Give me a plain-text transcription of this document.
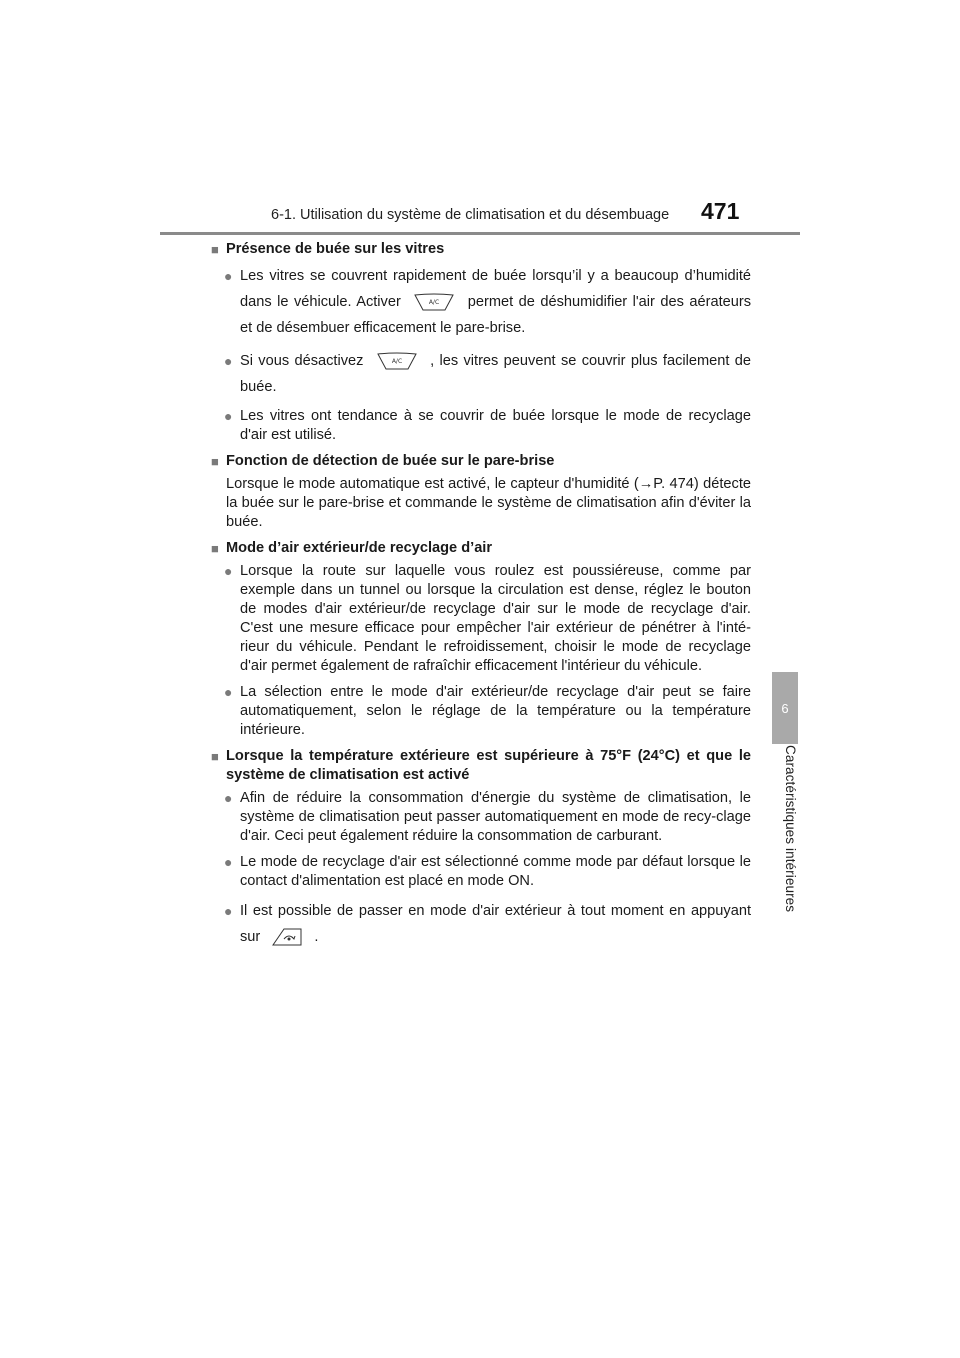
6-1. Utilisation du système de climatisation et du désembuage 471
6
Caractéristiques intérieures
■ Présence de buée sur les vitres
● Les vitres se couvrent rapidement de buée lorsqu’il y a beaucoup d’humidité dans le véhicule. Activer	A/C permet de déshumidifier l'air des aérateurs et de désembuer efficacement le pare-brise.
● Si vous désactivez	A/C , les vitres peuvent se couvrir plus facilement de buée.
● Les vitres ont tendance à se couvrir de buée lorsque le mode de recyclage d'air est utilisé.
■ Fonction de détection de buée sur le pare-brise
Lorsque le mode automatique est activé, le capteur d'humidité (→P. 474) détecte la buée sur le pare-brise et commande le système de climatisation afin d'éviter la buée.
■ Mode d’air extérieur/de recyclage d’air
● Lorsque la route sur laquelle vous roulez est poussiéreuse, comme par exemple dans un tunnel ou lorsque la circulation est dense, réglez le bouton de modes d'air extérieur/de recyclage d'air sur le mode de recyclage d'air. C'est une mesure efficace pour empêcher l'air extérieur de pénétrer à l'inté-rieur du véhicule. Pendant le refroidissement, choisir le mode de recyclage d'air permet également de rafraîchir efficacement l'intérieur du véhicule.
● La sélection entre le mode d'air extérieur/de recyclage d'air peut se faire automatiquement, selon le réglage de la température ou la température intérieure.
■ Lorsque la température extérieure est supérieure à 75°F (24°C) et que le système de climatisation est activé
● Afin de réduire la consommation d'énergie du système de climatisation, le système de climatisation peut passer automatiquement en mode de recy-clage d'air. Ceci peut également réduire la consommation de carburant.
● Le mode de recyclage d'air est sélectionné comme mode par défaut lorsque le contact d'alimentation est placé en mode ON.
● Il est possible de passer en mode d'air extérieur à tout moment en appuyant sur	.
